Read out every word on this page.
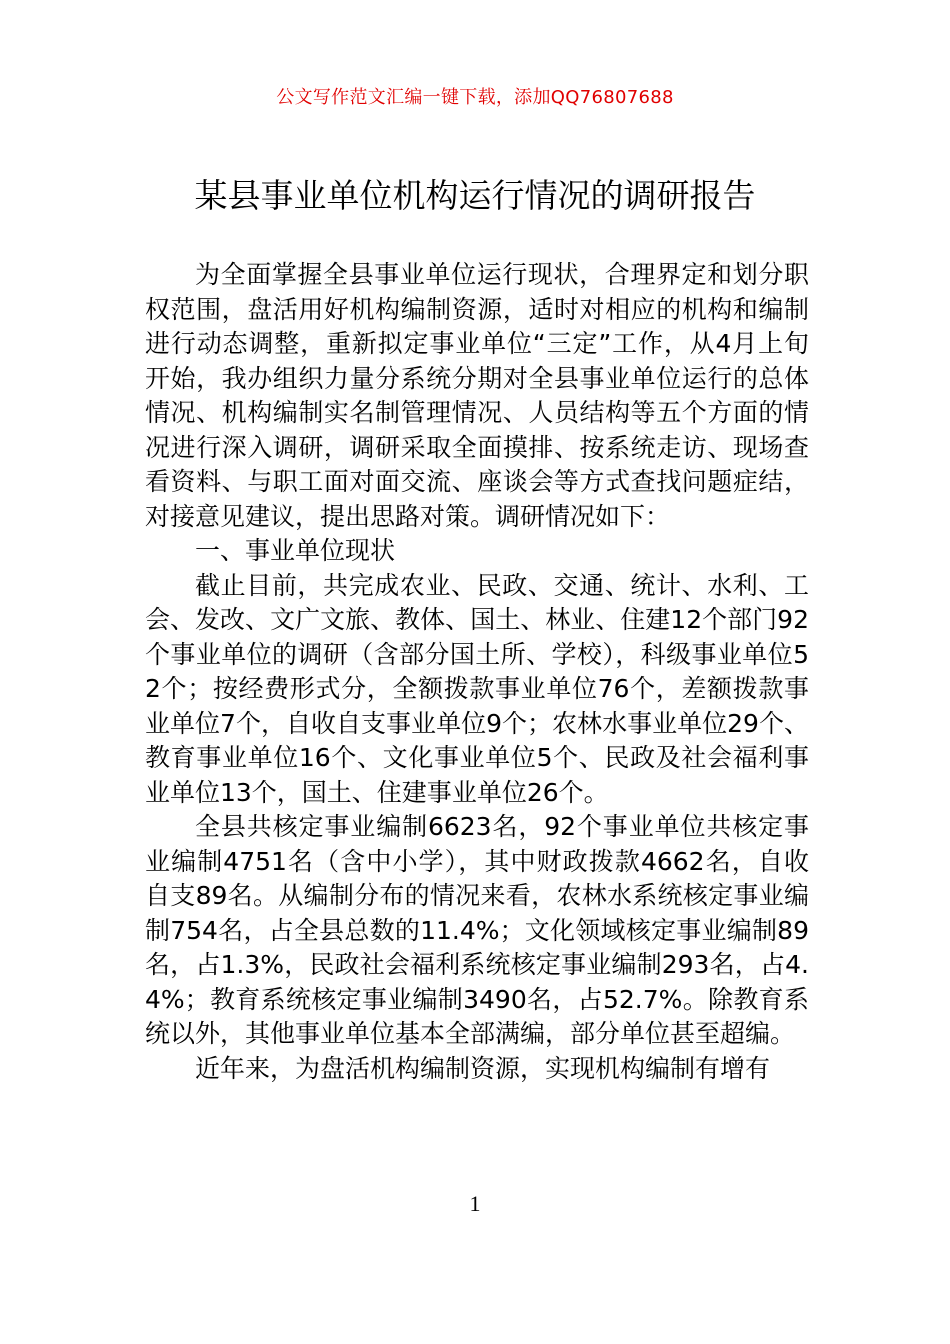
公文写作范文汇编一键下载，添加QQ76807688
某县事业单位机构运行情况的调研报告

为全面掌握全县事业单位运行现状，合理界定和划分职权范围，盘活用好机构编制资源，适时对相应的机构和编制进行动态调整，重新拟定事业单位“三定”工作，从4月上旬开始，我办组织力量分系统分期对全县事业单位运行的总体情况、机构编制实名制管理情况、人员结构等五个方面的情况进行深入调研，调研采取全面摸排、按系统走访、现场查看资料、与职工面对面交流、座谈会等方式查找问题症结，对接意见建议，提出思路对策。调研情况如下：

一、事业单位现状

截止目前，共完成农业、民政、交通、统计、水利、工会、发改、文广文旅、教体、国土、林业、住建12个部门92个事业单位的调研（含部分国土所、学校），科级事业单位52个；按经费形式分，全额拨款事业单位76个，差额拨款事业单位7个，自收自支事业单位9个；农林水事业单位29个、教育事业单位16个、文化事业单位5个、民政及社会福利事业单位13个，国土、住建事业单位26个。

全县共核定事业编制6623名，92个事业单位共核定事业编制4751名（含中小学），其中财政拨款4662名，自收自支89名。从编制分布的情况来看，农林水系统核定事业编制754名，占全县总数的11.4%；文化领域核定事业编制89名，占1.3%，民政社会福利系统核定事业编制293名，占4.4%；教育系统核定事业编制3490名，占52.7%。除教育系统以外，其他事业单位基本全部满编，部分单位甚至超编。

近年来，为盘活机构编制资源，实现机构编制有增有

1
